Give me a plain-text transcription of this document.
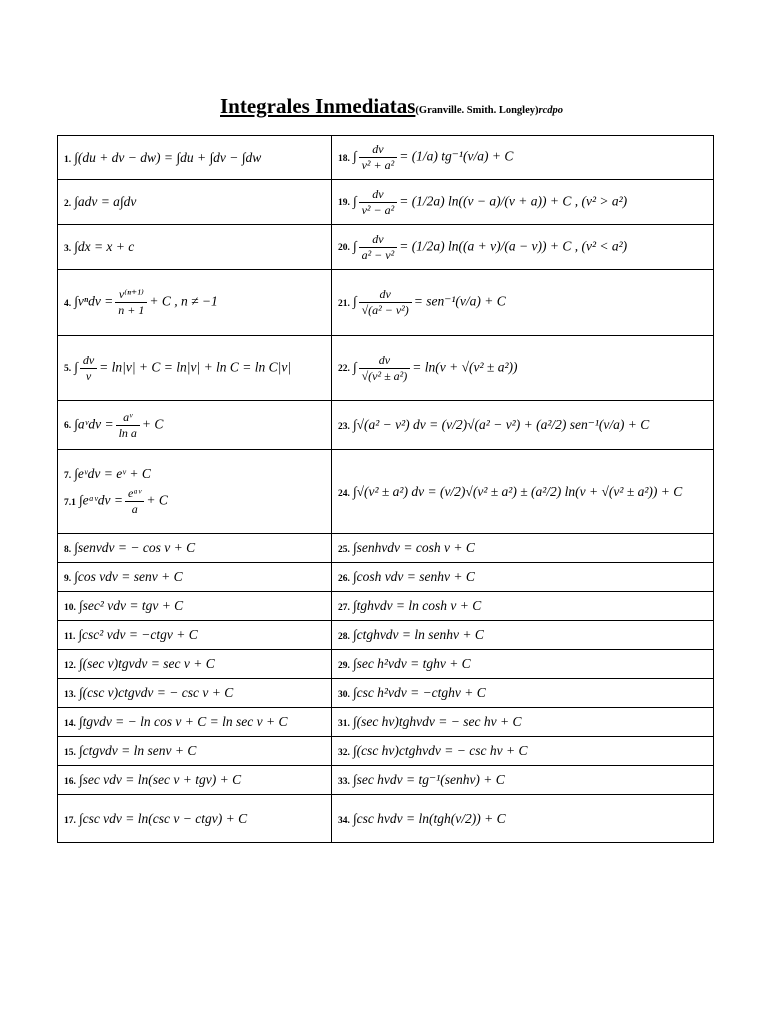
Integrales Inmediatas(Granville. Smith. Longley)rcdpo
1. ∫(du + dv − dw) = ∫du + ∫dv − ∫dw	18. ∫ $\frac{dv}{\text{v² + a²}} = (1/a) tg^{-1}(v/a) + C$

2. ∫adv = a∫dv	19. ∫ $\frac{dv}{\text{v² − a²}} = (1/2a) \ln((v - a)/(v + a)) + C$ , (v² > a²)

3. ∫dx = x + c	20. ∫ $\frac{dv}{\text{a² − v²}} = (1/2a) \ln((a + v)/(a - v)) + C$ , (v² < a²)

4. $\int v^ndv = \frac{\text{v⁽ⁿ⁺¹⁾}}{n + 1} + C$ , n ≠ −1	21. ∫ $\frac{dv}{\text{√(a² − v²)}} = sen^{-1}(v/a) + C$

5. ∫ $\frac{dv}{v} = \ln|v| + C = \ln|v| + \ln C = \ln C|v|$	22. ∫ $\frac{dv}{\text{√(v² ± a²)}} = \ln(v + √(v^2 \pm a^2))$

6. ∫aᵛdv = $\frac{\text{aᵛ}}{\text{ln a}} + C$	23. ∫√(a² − v²) dv = (v/2)√(a² − v²) + (a²/2) sen⁻¹(v/a) + C

7. ∫eᵛdv = eᵛ + C
7.1 ∫eᵃᵛdv = eᵃᵛ
a
+ C	24. ∫√(v² ± a²) dv = (v/2)√(v² ± a²) ± (a²/2) ln(v + √(v² ± a²)) + C

8. ∫senvdv = − cos v + C	25. ∫senhvdv = cosh v + C

9. ∫cos vdv = senv + C	26. ∫cosh vdv = senhv + C

10. ∫sec² vdv = tgv + C	27. ∫tghvdv = ln cosh v + C

11. ∫csc² vdv = −ctgv + C	28. ∫ctghvdv = ln senhv + C

12. ∫(sec v)tgvdv = sec v + C	29. ∫sec h²vdv = tghv + C

13. ∫(csc v)ctgvdv = − csc v + C	30. ∫csc h²vdv = −ctghv + C

14. ∫tgvdv = − ln cos v + C = ln sec v + C	31. ∫(sec hv)tghvdv = − sec hv + C

15. ∫ctgvdv = ln senv + C	32. ∫(csc hv)ctghvdv = − csc hv + C

16. ∫sec vdv = ln(sec v + tgv) + C	33. ∫sec hvdv = tg⁻¹(senhv) + C

17. ∫csc vdv = ln(csc v − ctgv) + C	34. ∫csc hvdv = ln(tgh(v/2)) + C
